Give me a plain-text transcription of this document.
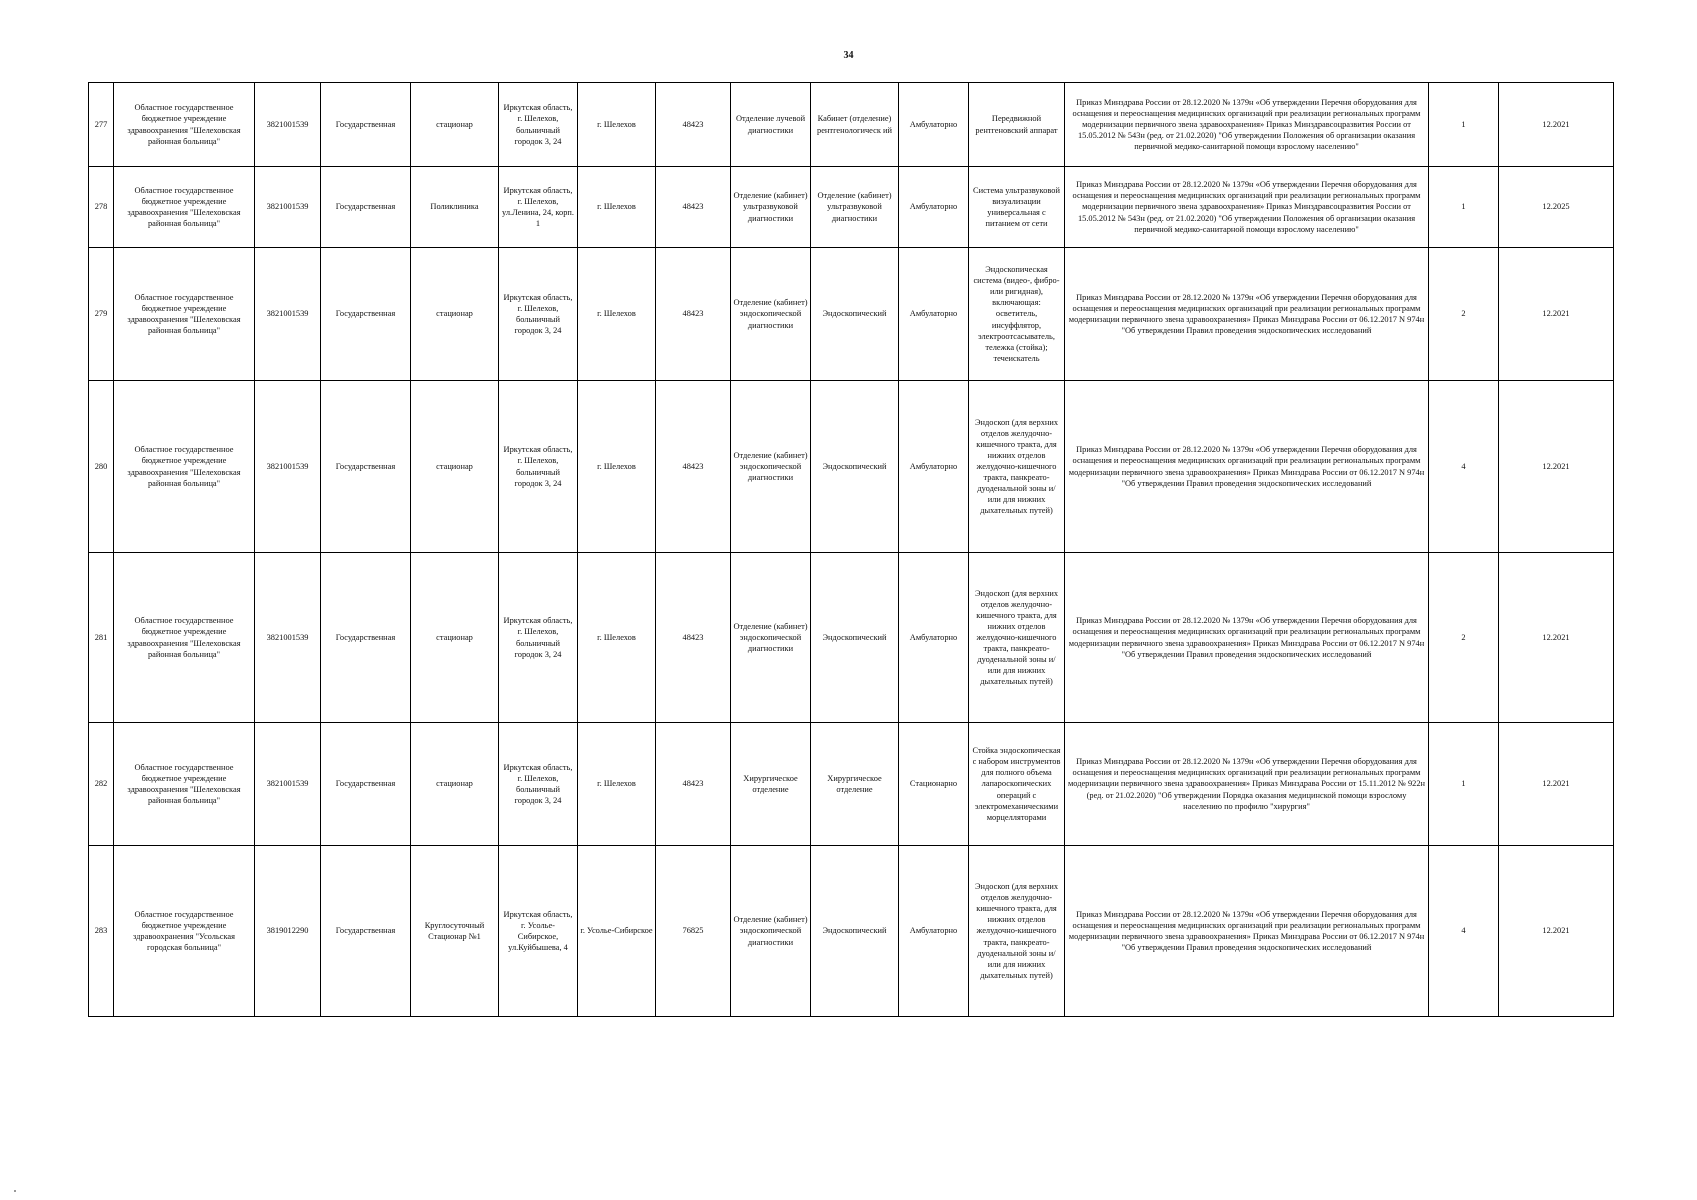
34
277	Областное государственное бюджетное учреждение здравоохранения "Шелеховская районная больница"	3821001539	Государственная	стационар	Иркутская область, г. Шелехов, больничный городок 3, 24	г. Шелехов	48423	Отделение лучевой диагностики	Кабинет (отделение) рентгенологическ ий	Амбулаторно	Передвижной рентгеновский аппарат	Приказ Минздрава России от 28.12.2020 № 1379н «Об утверждении Перечня оборудования для оснащения и переоснащения медицинских организаций при реализации региональных программ модернизации первичного звена здравоохранения» Приказ Минздравсоцразвития России от 15.05.2012 № 543н (ред. от 21.02.2020) "Об утверждении Положения об организации оказания первичной медико-санитарной помощи взрослому населению"	1	12.2021
278	Областное государственное бюджетное учреждение здравоохранения "Шелеховская районная больница"	3821001539	Государственная	Поликлиника	Иркутская область, г. Шелехов, ул.Ленина, 24, корп. 1	г. Шелехов	48423	Отделение (кабинет) ультразвуковой диагностики	Отделение (кабинет) ультразвуковой диагностики	Амбулаторно	Система ультразвуковой визуализации универсальная с питанием от сети	Приказ Минздрава России от 28.12.2020 № 1379н «Об утверждении Перечня оборудования для оснащения и переоснащения медицинских организаций при реализации региональных программ модернизации первичного звена здравоохранения» Приказ Минздравсоцразвития России от 15.05.2012 № 543н (ред. от 21.02.2020) "Об утверждении Положения об организации оказания первичной медико-санитарной помощи взрослому населению"	1	12.2025
279	Областное государственное бюджетное учреждение здравоохранения "Шелеховская районная больница"	3821001539	Государственная	стационар	Иркутская область, г. Шелехов, больничный городок 3, 24	г. Шелехов	48423	Отделение (кабинет) эндоскопической диагностики	Эндоскопический	Амбулаторно	Эндоскопическая система (видео-, фибро- или ригидная), включающая: осветитель, инсуффлятор, электроотсасыватель, тележка (стойка); течеискатель	Приказ Минздрава России от 28.12.2020 № 1379н «Об утверждении Перечня оборудования для оснащения и переоснащения медицинских организаций при реализации региональных программ модернизации первичного звена здравоохранения» Приказ Минздрава России от 06.12.2017 N 974н "Об утверждении Правил проведения эндоскопических исследований	2	12.2021
280	Областное государственное бюджетное учреждение здравоохранения "Шелеховская районная больница"	3821001539	Государственная	стационар	Иркутская область, г. Шелехов, больничный городок 3, 24	г. Шелехов	48423	Отделение (кабинет) эндоскопической диагностики	Эндоскопический	Амбулаторно	Эндоскоп (для верхних отделов желудочно-кишечного тракта, для нижних отделов желудочно-кишечного тракта, панкреато-дуоденальной зоны и/или для нижних дыхательных путей)	Приказ Минздрава России от 28.12.2020 № 1379н «Об утверждении Перечня оборудования для оснащения и переоснащения медицинских организаций при реализации региональных программ модернизации первичного звена здравоохранения» Приказ Минздрава России от 06.12.2017 N 974н "Об утверждении Правил проведения эндоскопических исследований	4	12.2021
281	Областное государственное бюджетное учреждение здравоохранения "Шелеховская районная больница"	3821001539	Государственная	стационар	Иркутская область, г. Шелехов, больничный городок 3, 24	г. Шелехов	48423	Отделение (кабинет) эндоскопической диагностики	Эндоскопический	Амбулаторно	Эндоскоп (для верхних отделов желудочно-кишечного тракта, для нижних отделов желудочно-кишечного тракта, панкреато-дуоденальной зоны и/или для нижних дыхательных путей)	Приказ Минздрава России от 28.12.2020 № 1379н «Об утверждении Перечня оборудования для оснащения и переоснащения медицинских организаций при реализации региональных программ модернизации первичного звена здравоохранения» Приказ Минздрава России от 06.12.2017 N 974н "Об утверждении Правил проведения эндоскопических исследований	2	12.2021
282	Областное государственное бюджетное учреждение здравоохранения "Шелеховская районная больница"	3821001539	Государственная	стационар	Иркутская область, г. Шелехов, больничный городок 3, 24	г. Шелехов	48423	Хирургическое отделение	Хирургическое отделение	Стационарно	Стойка эндоскопическая с набором инструментов для полного объема лапароскопических операций с электромеханическими морцелляторами	Приказ Минздрава России от 28.12.2020 № 1379н «Об утверждении Перечня оборудования для оснащения и переоснащения медицинских организаций при реализации региональных программ модернизации первичного звена здравоохранения» Приказ Минздрава России от 15.11.2012 № 922н (ред. от 21.02.2020) "Об утверждении Порядка оказания медицинской помощи взрослому населению по профилю "хирургия"	1	12.2021
283	Областное государственное бюджетное учреждение здравоохранения "Усольская городская больница"	3819012290	Государственная	Круглосуточный Стационар №1	Иркутская область, г. Усолье-Сибирское, ул.Куйбышева, 4	г. Усолье-Сибирское	76825	Отделение (кабинет) эндоскопической диагностики	Эндоскопический	Амбулаторно	Эндоскоп (для верхних отделов желудочно-кишечного тракта, для нижних отделов желудочно-кишечного тракта, панкреато-дуоденальной зоны и/или для нижних дыхательных путей)	Приказ Минздрава России от 28.12.2020 № 1379н «Об утверждении Перечня оборудования для оснащения и переоснащения медицинских организаций при реализации региональных программ модернизации первичного звена здравоохранения» Приказ Минздрава России от 06.12.2017 N 974н "Об утверждении Правил проведения эндоскопических исследований	4	12.2021
